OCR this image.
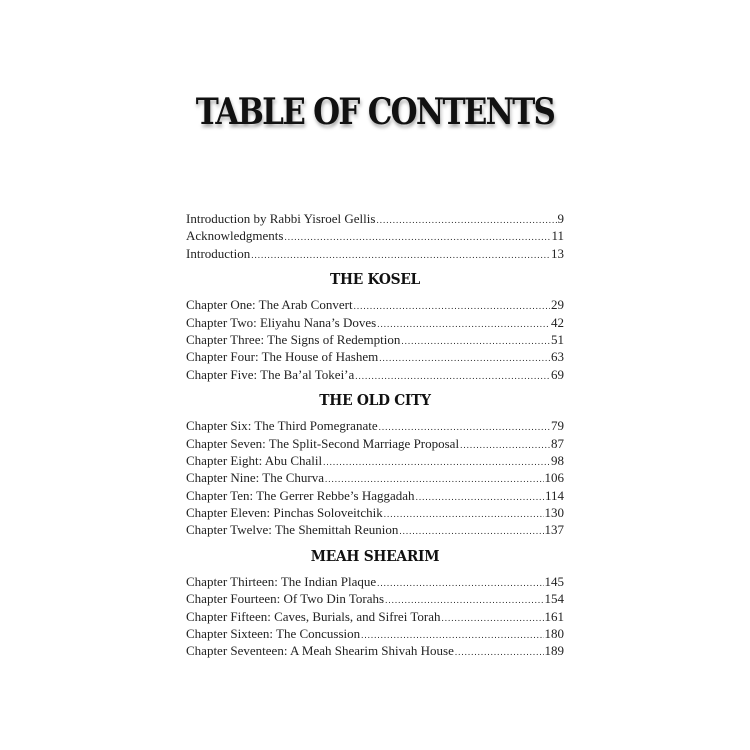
TABLE OF CONTENTS
Introduction by Rabbi Yisroel Gellis .....	9
Acknowledgments .....	11
Introduction .....	13
THE KOSEL
Chapter One: The Arab Convert .....	29
Chapter Two: Eliyahu Nana’s Doves .....	42
Chapter Three: The Signs of Redemption .....	51
Chapter Four: The House of Hashem .....	63
Chapter Five: The Ba’al Tokei’a .....	69
THE OLD CITY
Chapter Six: The Third Pomegranate .....	79
Chapter Seven: The Split-Second Marriage Proposal .....	87
Chapter Eight: Abu Chalil .....	98
Chapter Nine: The Churva .....	106
Chapter Ten: The Gerrer Rebbe’s Haggadah .....	114
Chapter Eleven: Pinchas Soloveitchik .....	130
Chapter Twelve: The Shemittah Reunion .....	137
MEAH SHEARIM
Chapter Thirteen: The Indian Plaque .....	145
Chapter Fourteen: Of Two Din Torahs .....	154
Chapter Fifteen: Caves, Burials, and Sifrei Torah .....	161
Chapter Sixteen: The Concussion .....	180
Chapter Seventeen: A Meah Shearim Shivah House .....	189
